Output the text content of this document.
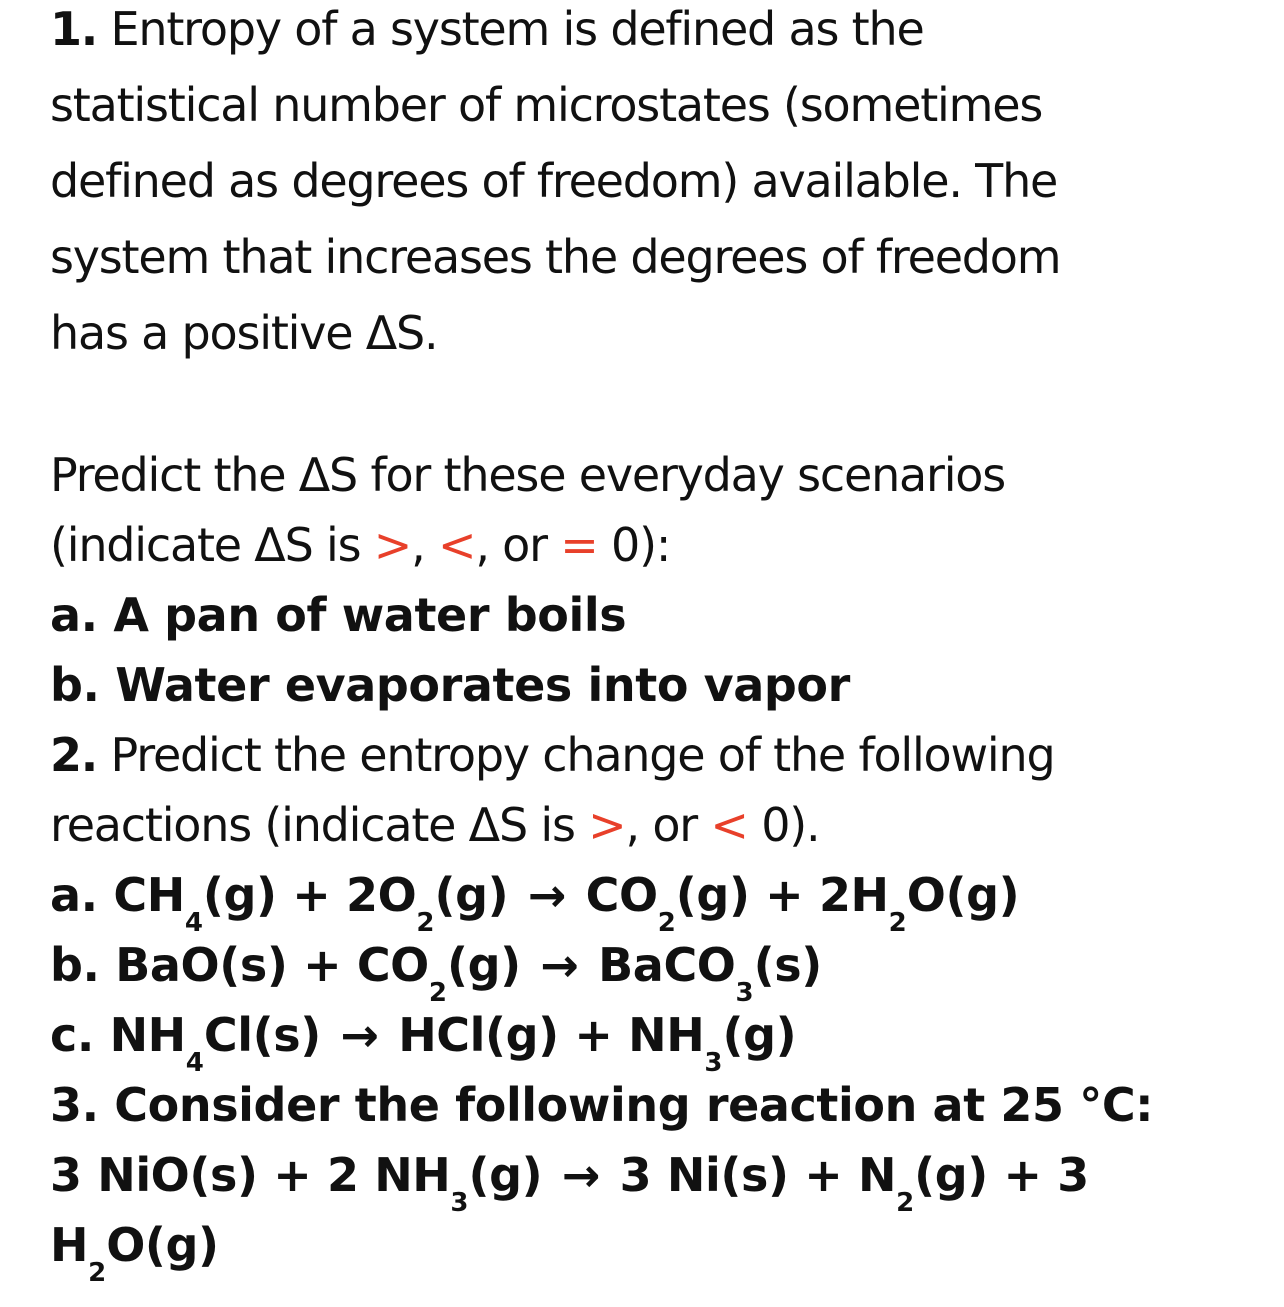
1. Entropy of a system is defined as the
statistical number of microstates (sometimes
defined as degrees of freedom) available. The
system that increases the degrees of freedom
has a positive ΔS.
Predict the ΔS for these everyday scenarios
(indicate ΔS is >, <, or = 0):
a. A pan of water boils
b. Water evaporates into vapor
2. Predict the entropy change of the following
reactions (indicate ΔS is >, or < 0).
a. $CH_4(g) + 2O_2(g) \to CO_2(g) + 2H_2O(g)$
b. $BaO(s) + CO_2(g)$ → BaCO$_3$(s)
c. $NH_4Cl(s) \to HCl(g) + NH_3(g)$
3. Consider the following reaction at 25 °C:
3 NiO(s) + 2 $NH_3(g) \to 3$ $Ni(s) + N_2(g) + 3$
$H_2O(g)$
